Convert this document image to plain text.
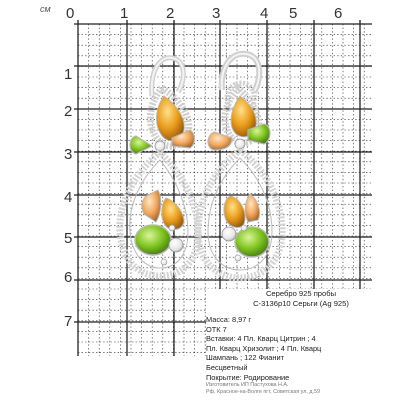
см 0	1	2	3	4 5 6
1
2
3
4
5
6
7
Серебро 925 пробы
С-3136р10 Серьги (Ag 925)
Масса: 8,97 г
ОТК 7
Вставки: 4 Пл. Кварц Цитрин ; 4
Пл. Кварц Хризолит ; 4 Пл. Кварц
Шампань ; 122 Фианит
Бесцветный
Покрытие: Родирование
Изготовитель ИП Пастухова Н.А.
Рф, Красное-на-Волге пгт, Советская ул, д.59
